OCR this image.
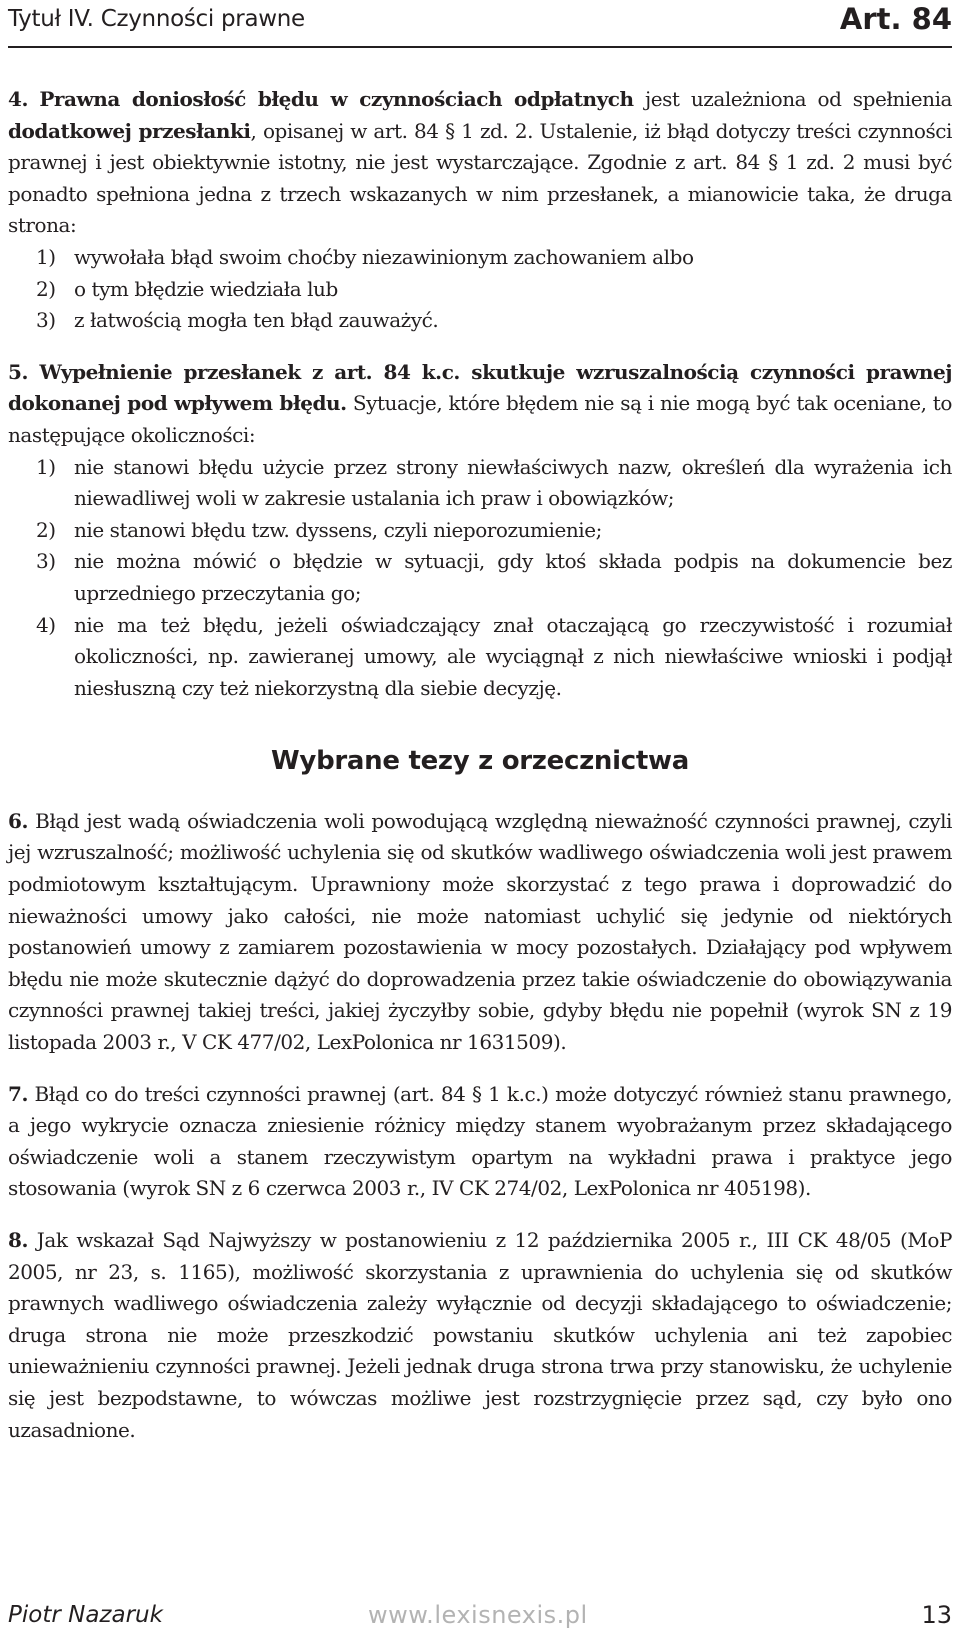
Tytuł IV. Czynności prawne	Art. 84

4. Prawna doniosłość błędu w czynnościach odpłatnych jest uzależniona od spełnienia dodatkowej przesłanki, opisanej w art. 84 § 1 zd. 2. Ustalenie, iż błąd dotyczy treści czynności prawnej i jest obiektywnie istotny, nie jest wystarczające. Zgodnie z art. 84 § 1 zd. 2 musi być ponadto spełniona jedna z trzech wskazanych w nim przesłanek, a mianowicie taka, że druga strona:

1) wywołała błąd swoim choćby niezawinionym zachowaniem albo
2) o tym błędzie wiedziała lub
3) z łatwością mogła ten błąd zauważyć.

5. Wypełnienie przesłanek z art. 84 k.c. skutkuje wzruszalnością czynności prawnej dokonanej pod wpływem błędu. Sytuacje, które błędem nie są i nie mogą być tak oceniane, to następujące okoliczności:

1) nie stanowi błędu użycie przez strony niewłaściwych nazw, określeń dla wyrażenia ich niewadliwej woli w zakresie ustalania ich praw i obowiązków;
2) nie stanowi błędu tzw. dyssens, czyli nieporozumienie;
3) nie można mówić o błędzie w sytuacji, gdy ktoś składa podpis na dokumencie bez uprzedniego przeczytania go;
4) nie ma też błędu, jeżeli oświadczający znał otaczającą go rzeczywistość i rozumiał okoliczności, np. zawieranej umowy, ale wyciągnął z nich niewłaściwe wnioski i podjął niesłuszną czy też niekorzystną dla siebie decyzję.
Wybrane tezy z orzecznictwa

6. Błąd jest wadą oświadczenia woli powodującą względną nieważność czynności prawnej, czyli jej wzruszalność; możliwość uchylenia się od skutków wadliwego oświadczenia woli jest prawem podmiotowym kształtującym. Uprawniony może skorzystać z tego prawa i doprowadzić do nieważności umowy jako całości, nie może natomiast uchylić się jedynie od niektórych postanowień umowy z zamiarem pozostawienia w mocy pozostałych. Działający pod wpływem błędu nie może skutecznie dążyć do doprowadzenia przez takie oświadczenie do obowiązywania czynności prawnej takiej treści, jakiej życzyłby sobie, gdyby błędu nie popełnił (wyrok SN z 19 listopada 2003 r., V CK 477/02, LexPolonica nr 1631509).

7. Błąd co do treści czynności prawnej (art. 84 § 1 k.c.) może dotyczyć również stanu prawnego, a jego wykrycie oznacza zniesienie różnicy między stanem wyobrażanym przez składającego oświadczenie woli a stanem rzeczywistym opartym na wykładni prawa i praktyce jego stosowania (wyrok SN z 6 czerwca 2003 r., IV CK 274/02, LexPolonica nr 405198).

8. Jak wskazał Sąd Najwyższy w postanowieniu z 12 października 2005 r., III CK 48/05 (MoP 2005, nr 23, s. 1165), możliwość skorzystania z uprawnienia do uchylenia się od skutków prawnych wadliwego oświadczenia zależy wyłącznie od decyzji składającego to oświadczenie; druga strona nie może przeszkodzić powstaniu skutków uchylenia ani też zapobiec unieważnieniu czynności prawnej. Jeżeli jednak druga strona trwa przy stanowisku, że uchylenie się jest bezpodstawne, to wówczas możliwe jest rozstrzygnięcie przez sąd, czy było ono uzasadnione.

Piotr Nazaruk	www.lexisnexis.pl	13
